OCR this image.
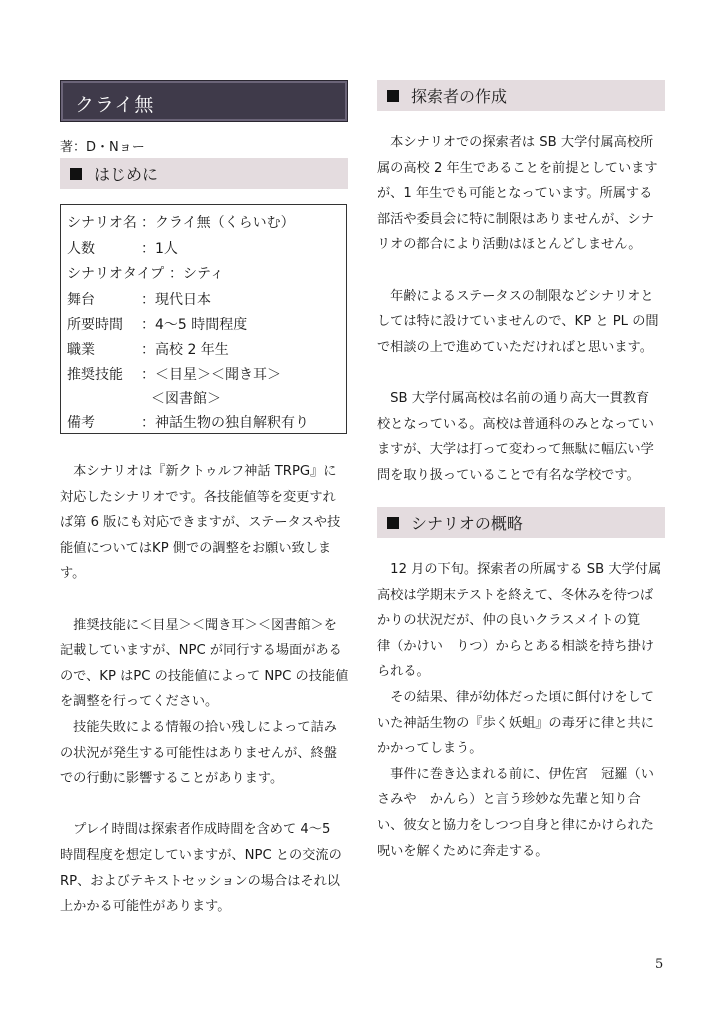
クライ無
著：D・Nョー
はじめに
シナリオ名 ：クライ無（くらいむ）
人数	：1人
シナリオタイプ ：シティ
舞台	：現代日本
所要時間 ：4～5 時間程度
職業	：高校 2 年生
推奨技能 ：＜目星＞＜聞き耳＞
＜図書館＞
備考	：神話生物の独自解釈有り
　本シナリオは『新クトゥルフ神話 TRPG』に
対応したシナリオです。各技能値等を変更すれ
ば第 6 版にも対応できますが、ステータスや技
能値についてはKP 側での調整をお願い致しま
す。

　推奨技能に＜目星＞＜聞き耳＞＜図書館＞を
記載していますが、NPC が同行する場面がある
ので、KP はPC の技能値によって NPC の技能値
を調整を行ってください。
　技能失敗による情報の拾い残しによって詰み
の状況が発生する可能性はありませんが、終盤
での行動に影響することがあります。

　プレイ時間は探索者作成時間を含めて 4～5
時間程度を想定していますが、NPC との交流の
RP、およびテキストセッションの場合はそれ以
上かかる可能性があります。
探索者の作成
　本シナリオでの探索者は SB 大学付属高校所
属の高校 2 年生であることを前提としています
が、1 年生でも可能となっています。所属する
部活や委員会に特に制限はありませんが、シナ
リオの都合により活動はほとんどしません。

　年齢によるステータスの制限などシナリオと
しては特に設けていませんので、KP と PL の間
で相談の上で進めていただければと思います。

　SB 大学付属高校は名前の通り高大一貫教育
校となっている。高校は普通科のみとなってい
ますが、大学は打って変わって無駄に幅広い学
問を取り扱っていることで有名な学校です。
シナリオの概略
　12 月の下旬。探索者の所属する SB 大学付属
高校は学期末テストを終えて、冬休みを待つば
かりの状況だが、仲の良いクラスメイトの筧
律（かけい　りつ）からとある相談を持ち掛け
られる。
　その結果、律が幼体だった頃に餌付けをして
いた神話生物の『歩く妖蛆』の毒牙に律と共に
かかってしまう。
　事件に巻き込まれる前に、伊佐宮　冠羅（い
さみや　かんら）と言う珍妙な先輩と知り合
い、彼女と協力をしつつ自身と律にかけられた
呪いを解くために奔走する。
5
